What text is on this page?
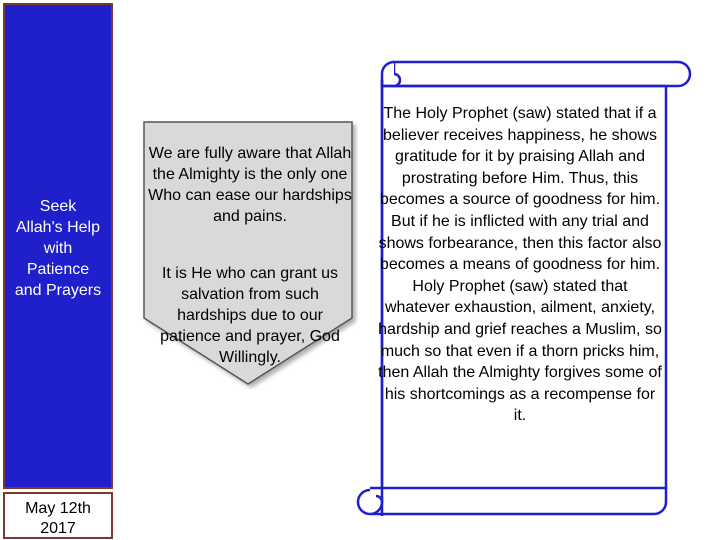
Seek
Allah's Help
with
Patience
and Prayers
May 12th
2017
We are fully aware that Allah the Almighty is the only one Who can ease our hardships and pains.
It is He who can grant us salvation from such hardships due to our patience and prayer, God Willingly.
The Holy Prophet (saw) stated that if a believer receives happiness, he shows gratitude for it by praising Allah and prostrating before Him. Thus, this becomes a source of goodness for him. But if he is inflicted with any trial and shows forbearance, then this factor also becomes a means of goodness for him. Holy Prophet (saw) stated that whatever exhaustion, ailment, anxiety, hardship and grief reaches a Muslim, so much so that even if a thorn pricks him, then Allah the Almighty forgives some of his shortcomings as a recompense for it.
